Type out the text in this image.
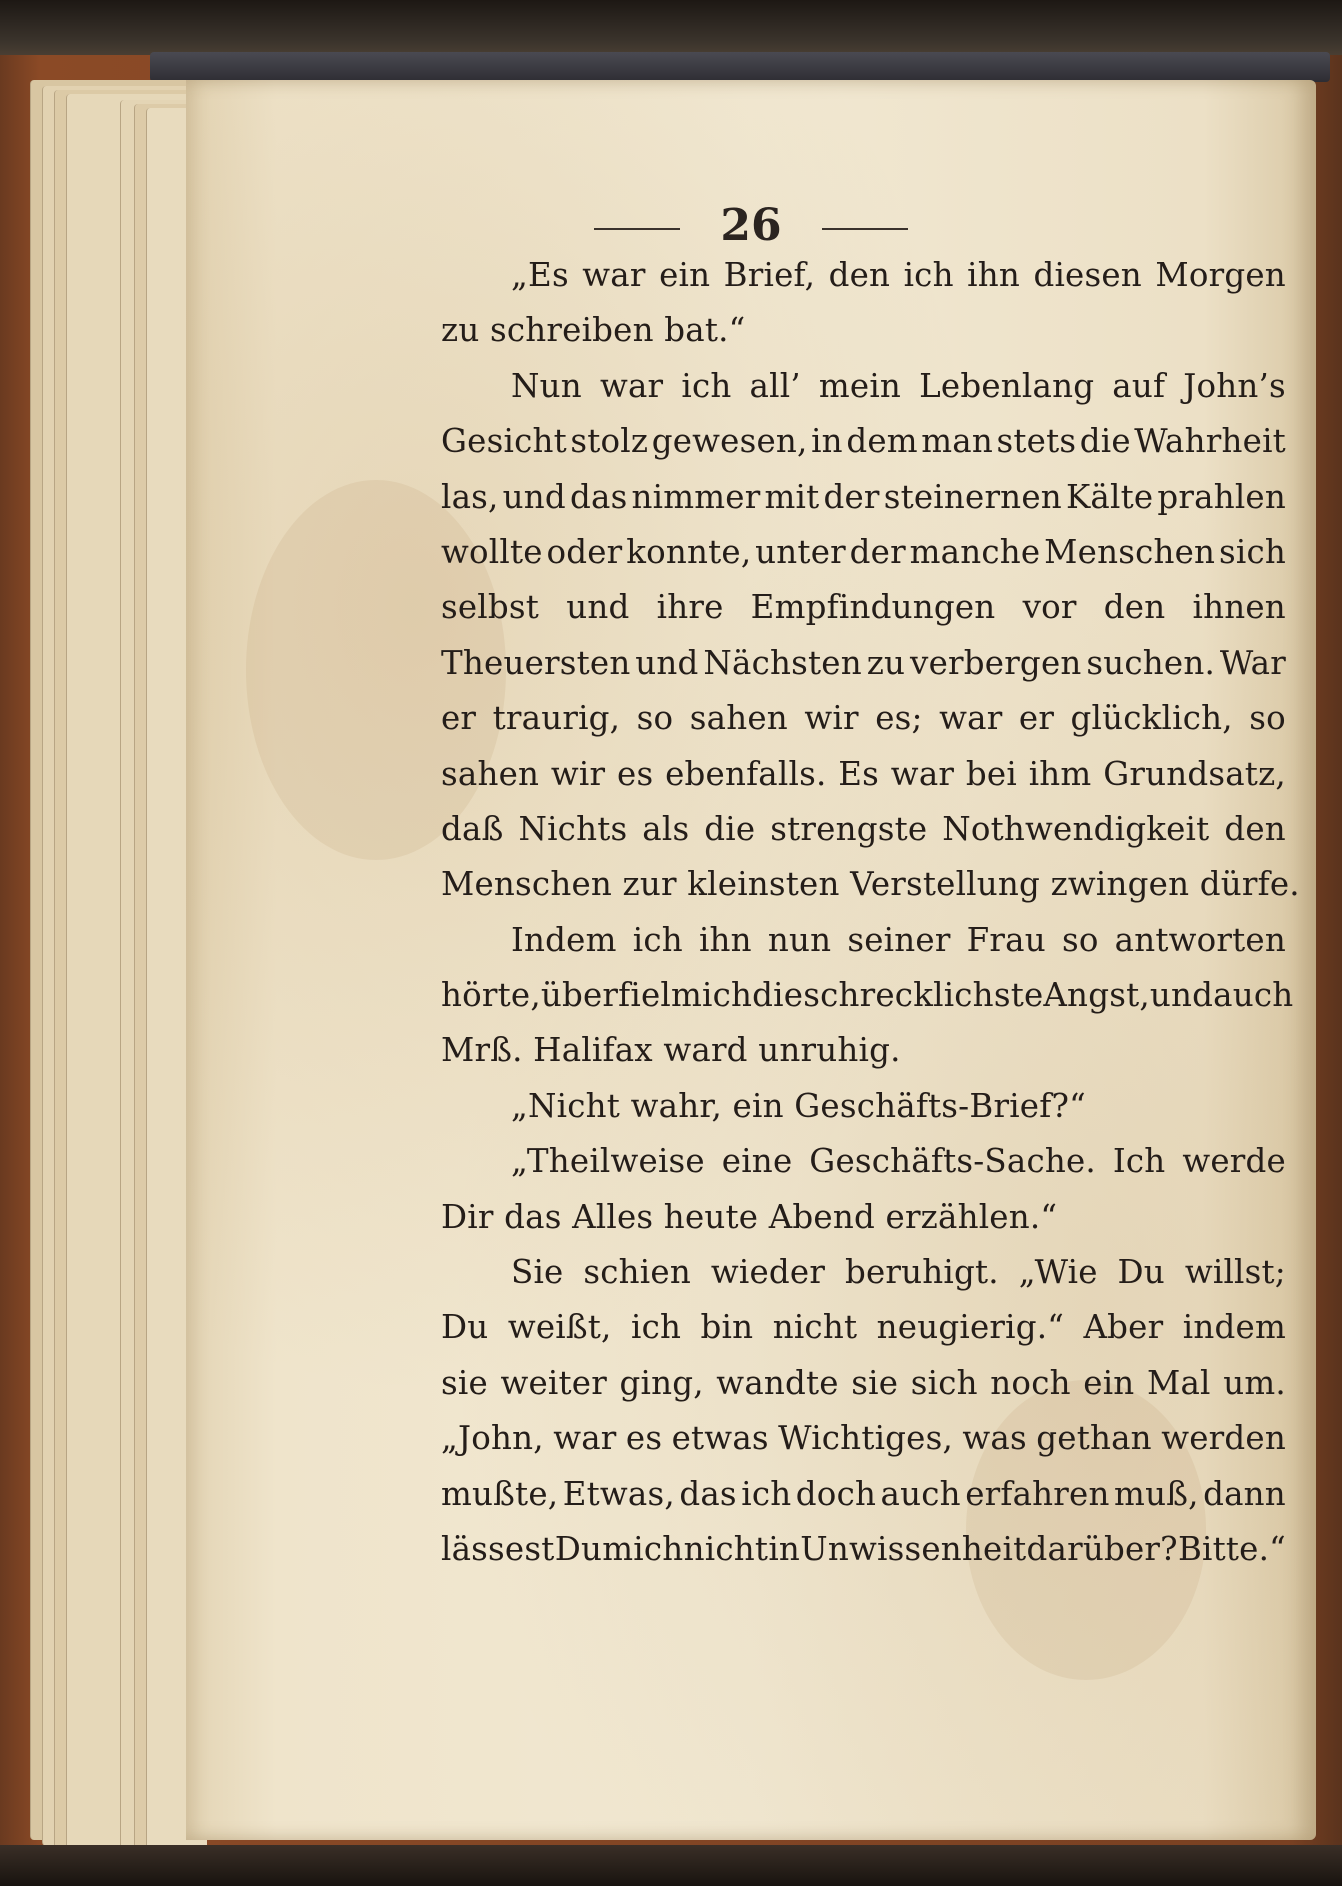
26
„Es war ein Brief, den ich ihn diesen Morgen
zu schreiben bat.“
Nun war ich all’ mein Lebenlang auf John’s
Gesicht stolz gewesen, in dem man stets die Wahrheit
las, und das nimmer mit der steinernen Kälte prahlen
wollte oder konnte, unter der manche Menschen sich
selbst und ihre Empfindungen vor den ihnen
Theuersten und Nächsten zu verbergen suchen. War
er traurig, so sahen wir es; war er glücklich, so
sahen wir es ebenfalls. Es war bei ihm Grundsatz,
daß Nichts als die strengste Nothwendigkeit den
Menschen zur kleinsten Verstellung zwingen dürfe.
Indem ich ihn nun seiner Frau so antworten
hörte, überfiel mich die schrecklichste Angst, und auch
Mrß. Halifax ward unruhig.
„Nicht wahr, ein Geschäfts-Brief?“
„Theilweise eine Geschäfts-Sache. Ich werde
Dir das Alles heute Abend erzählen.“
Sie schien wieder beruhigt. „Wie Du willst;
Du weißt, ich bin nicht neugierig.“ Aber indem
sie weiter ging, wandte sie sich noch ein Mal um.
„John, war es etwas Wichtiges, was gethan werden
mußte, Etwas, das ich doch auch erfahren muß, dann
lässest Du mich nicht in Unwissenheit darüber? Bitte.“
